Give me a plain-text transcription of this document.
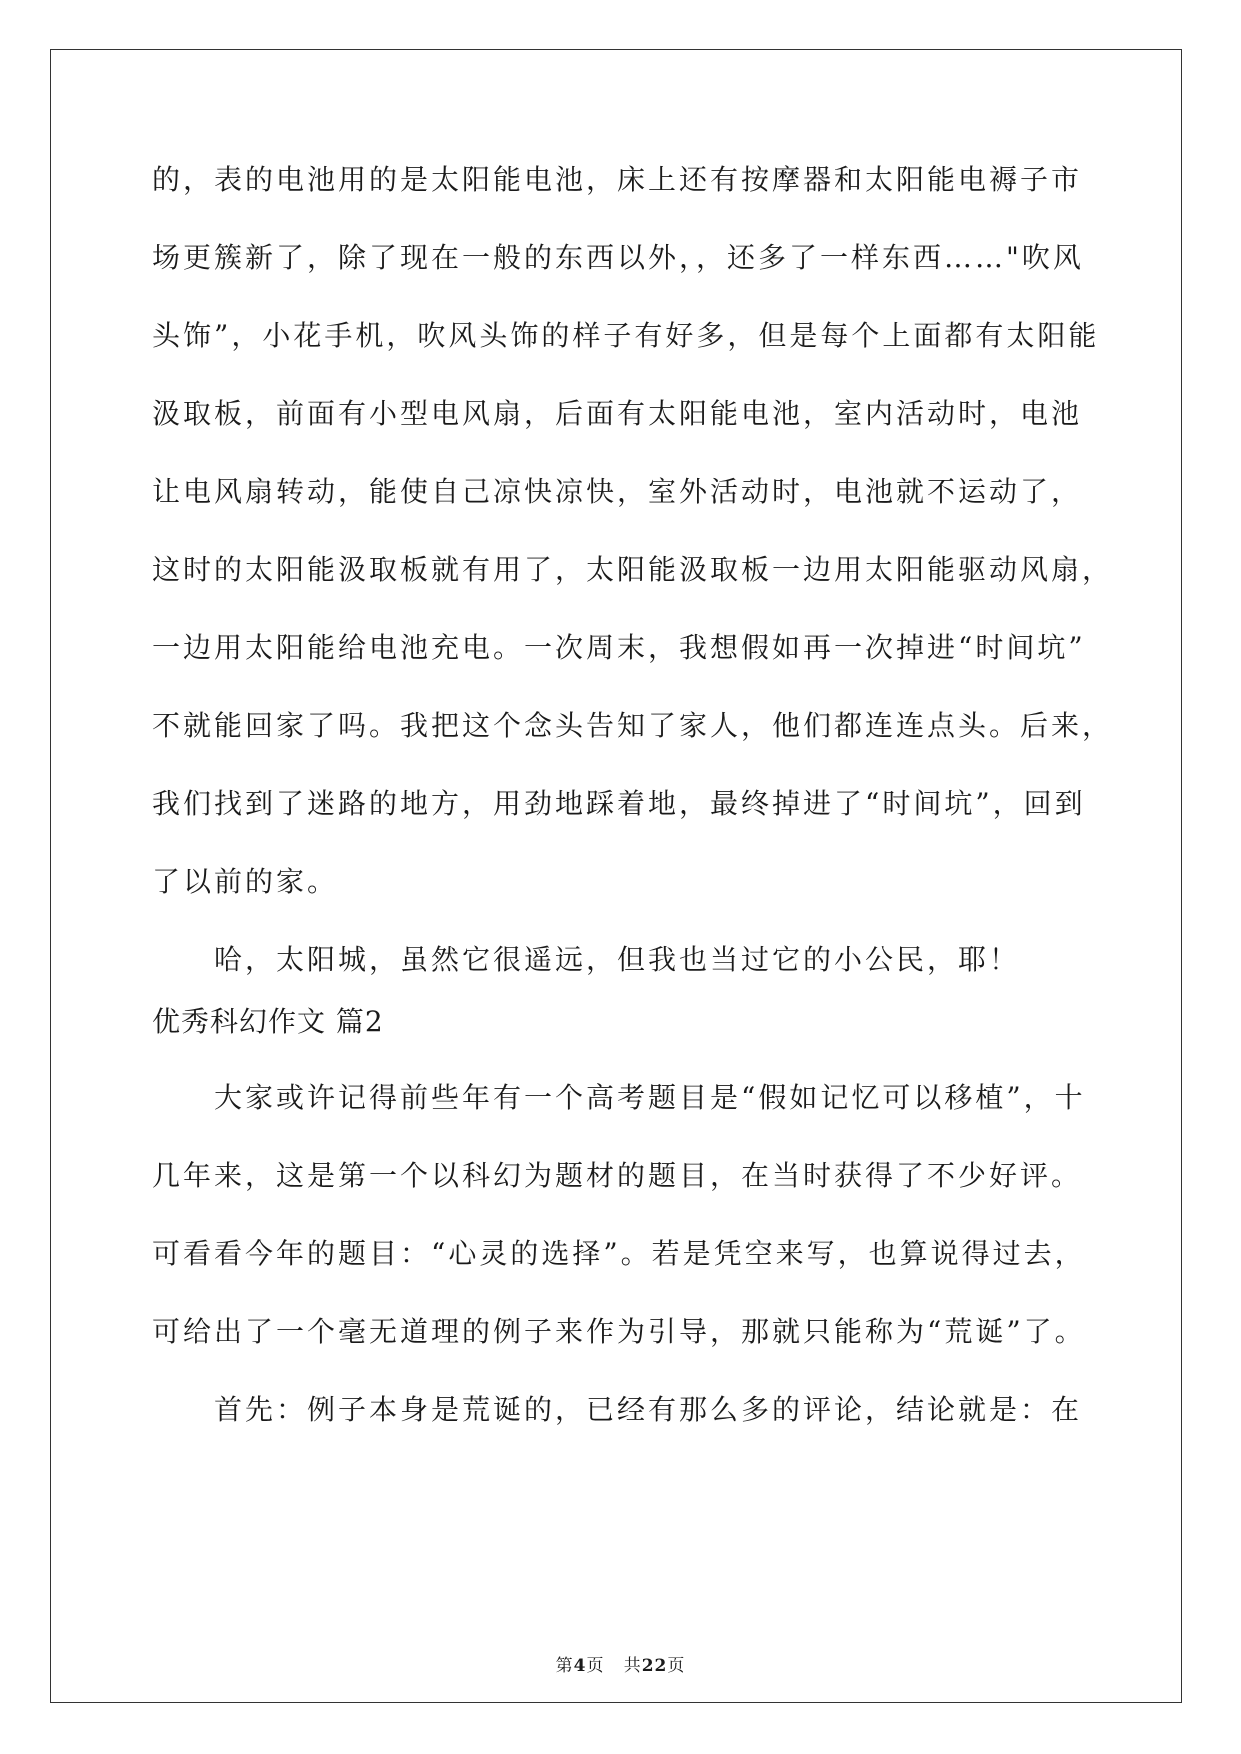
的，表的电池用的是太阳能电池，床上还有按摩器和太阳能电褥子市
场更簇新了，除了现在一般的东西以外，，还多了一样东西……"吹风
头饰”，小花手机，吹风头饰的样子有好多，但是每个上面都有太阳能
汲取板，前面有小型电风扇，后面有太阳能电池，室内活动时，电池
让电风扇转动，能使自己凉快凉快，室外活动时，电池就不运动了，
这时的太阳能汲取板就有用了，太阳能汲取板一边用太阳能驱动风扇，
一边用太阳能给电池充电。一次周末，我想假如再一次掉进“时间坑”
不就能回家了吗。我把这个念头告知了家人，他们都连连点头。后来，
我们找到了迷路的地方，用劲地踩着地，最终掉进了“时间坑”，回到
了以前的家。
哈，太阳城，虽然它很遥远，但我也当过它的小公民，耶！
优秀科幻作文 篇2
大家或许记得前些年有一个高考题目是“假如记忆可以移植”，十
几年来，这是第一个以科幻为题材的题目，在当时获得了不少好评。
可看看今年的题目：“心灵的选择”。若是凭空来写，也算说得过去，
可给出了一个毫无道理的例子来作为引导，那就只能称为“荒诞”了。
首先：例子本身是荒诞的，已经有那么多的评论，结论就是：在
第4页 共22页
